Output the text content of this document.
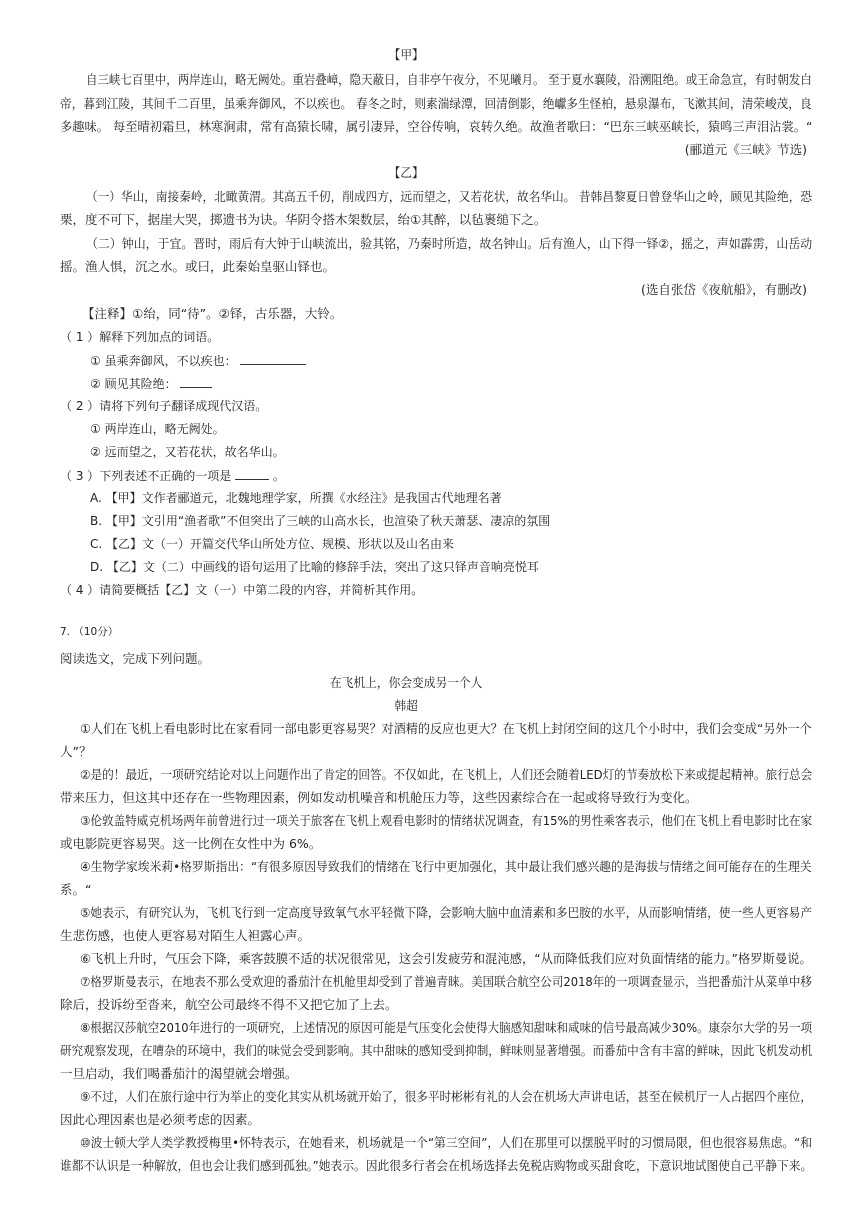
【甲】
自三峡七百里中，两岸连山，略无阙处。重岩叠嶂，隐天蔽日，自非亭午夜分，不见曦月。 至于夏水襄陵，沿溯阻绝。或王命急宣，有时朝发白
帝，暮到江陵，其间千二百里，虽乘奔御风，不以疾也。 春冬之时，则素湍绿潭，回清倒影，绝巘多生怪柏，悬泉瀑布，飞漱其间，清荣峻茂，良
多趣味。 每至晴初霜旦，林寒涧肃，常有高猿长啸，属引凄异，空谷传响，哀转久绝。故渔者歌曰：“巴东三峡巫峡长，猿鸣三声泪沾裳。“
(郦道元《三峡》节选)
【乙】
（一）华山，南接秦岭，北瞰黄渭。其高五千仞，削成四方，远而望之，又若花状，故名华山。 昔韩昌黎夏日曾登华山之岭，顾见其险绝，恐
栗，度不可下，据崖大哭，掷遗书为诀。华阴令搭木架数层，绐①其醉，以毡裹缒下之。
（二）钟山，于宜。晋时，雨后有大钟于山峡流出，验其铭，乃秦时所造，故名钟山。后有渔人，山下得一铎②，摇之，声如霹雳，山岳动
摇。渔人惧，沉之水。或曰，此秦始皇驱山铎也。
(选自张岱《夜航船》，有删改)
【注释】①绐，同“待”。②铎，古乐器，大铃。
（ 1 ）解释下列加点的词语。
① 虽乘奔御风，不以疾也：
② 顾见其险绝：
（ 2 ）请将下列句子翻译成现代汉语。
① 两岸连山，略无阙处。
② 远而望之，又若花状，故名华山。
（ 3 ）下列表述不正确的一项是	。
A. 【甲】文作者郦道元，北魏地理学家，所撰《水经注》是我国古代地理名著
B. 【甲】文引用“渔者歌”不但突出了三峡的山高水长，也渲染了秋天萧瑟、凄凉的氛围
C. 【乙】文（一）开篇交代华山所处方位、规模、形状以及山名由来
D. 【乙】文（二）中画线的语句运用了比喻的修辞手法，突出了这只铎声音响亮悦耳
（ 4 ）请简要概括【乙】文（一）中第二段的内容，并简析其作用。
7. （10分）
阅读选文，完成下列问题。
在飞机上，你会变成另一个人
韩超
①人们在飞机上看电影时比在家看同一部电影更容易哭？对酒精的反应也更大？在飞机上封闭空间的这几个小时中，我们会变成“另外一个
人”？
②是的！最近，一项研究结论对以上问题作出了肯定的回答。不仅如此，在飞机上，人们还会随着LED灯的节奏放松下来或提起精神。旅行总会
带来压力，但这其中还存在一些物理因素，例如发动机噪音和机舱压力等，这些因素综合在一起或将导致行为变化。
③伦敦盖特威克机场两年前曾进行过一项关于旅客在飞机上观看电影时的情绪状况调查，有15%的男性乘客表示，他们在飞机上看电影时比在家
或电影院更容易哭。这一比例在女性中为 6%。
④生物学家埃米莉•格罗斯指出：“有很多原因导致我们的情绪在飞行中更加强化，其中最让我们感兴趣的是海拔与情绪之间可能存在的生理关
系。“
⑤她表示，有研究认为，飞机飞行到一定高度导致氧气水平轻微下降，会影响大脑中血清素和多巴胺的水平，从而影响情绪，使一些人更容易产
生悲伤感，也使人更容易对陌生人袒露心声。
⑥飞机上升时，气压会下降，乘客鼓膜不适的状况很常见，这会引发疲劳和混沌感，“从而降低我们应对负面情绪的能力。”格罗斯曼说。
⑦格罗斯曼表示，在地表不那么受欢迎的番茄汁在机舱里却受到了普遍青睐。美国联合航空公司2018年的一项调查显示，当把番茄汁从菜单中移
除后，投诉纷至沓来，航空公司最终不得不又把它加了上去。
⑧根据汉莎航空2010年进行的一项研究，上述情况的原因可能是气压变化会使得大脑感知甜味和咸味的信号最高减少30%。康奈尔大学的另一项
研究观察发现，在嘈杂的环境中，我们的味觉会受到影响。其中甜味的感知受到抑制，鲜味则显著增强。而番茄中含有丰富的鲜味，因此飞机发动机
一旦启动，我们喝番茄汁的渴望就会增强。
⑨不过，人们在旅行途中行为举止的变化其实从机场就开始了，很多平时彬彬有礼的人会在机场大声讲电话，甚至在候机厅一人占据四个座位，
因此心理因素也是必须考虑的因素。
⑩波士顿大学人类学教授梅里•怀特表示，在她看来，机场就是一个“第三空间”，人们在那里可以摆脱平时的习惯局限，但也很容易焦虑。“和
谁都不认识是一种解放，但也会让我们感到孤独。”她表示。因此很多行者会在机场选择去免税店购物或买甜食吃，下意识地试图使自己平静下来。
